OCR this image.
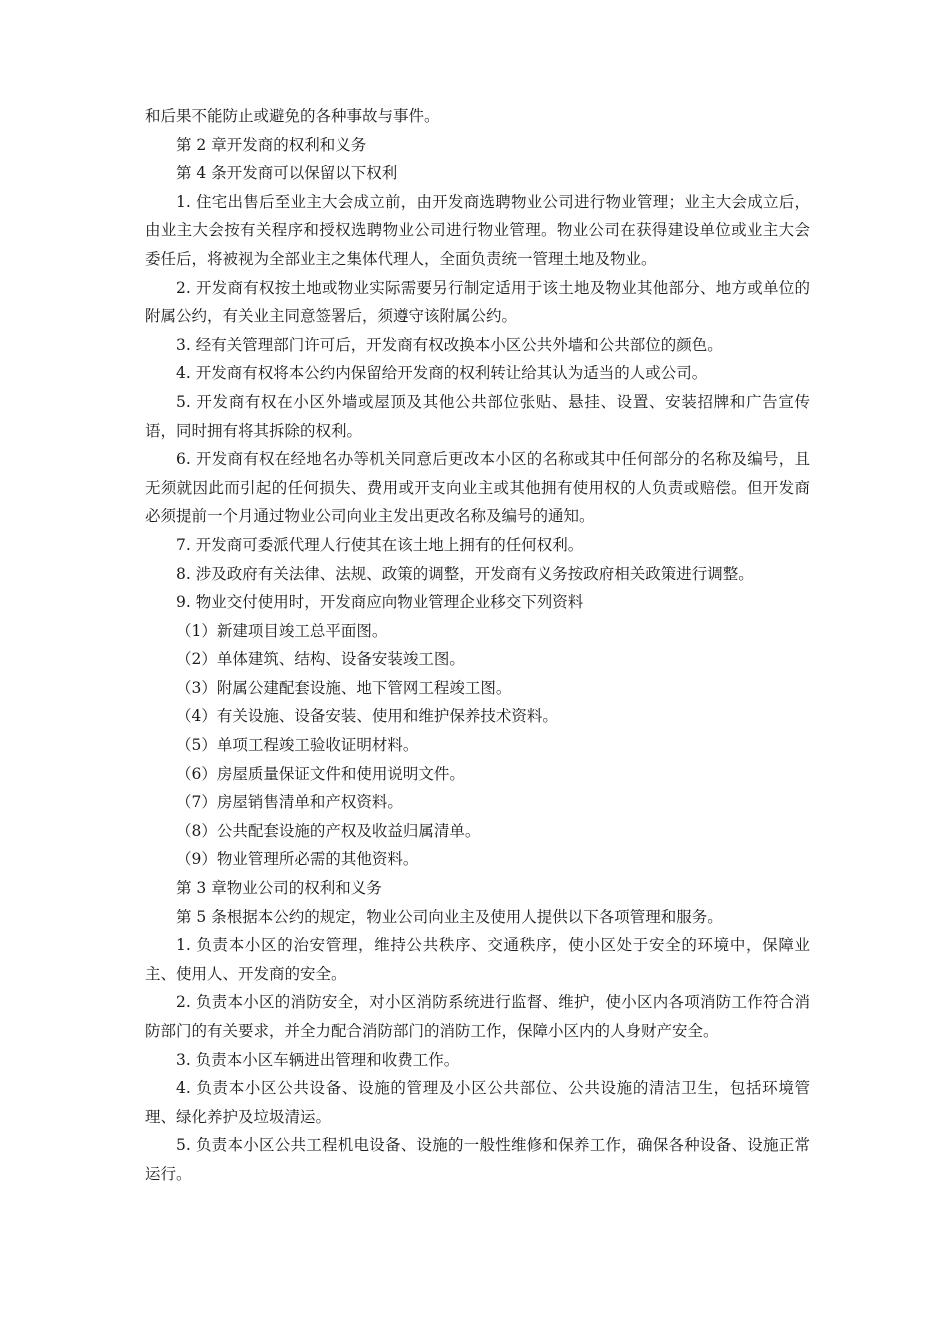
和后果不能防止或避免的各种事故与事件。

第 2 章开发商的权利和义务

第 4 条开发商可以保留以下权利

1. 住宅出售后至业主大会成立前，由开发商选聘物业公司进行物业管理；业主大会成立后，由业主大会按有关程序和授权选聘物业公司进行物业管理。物业公司在获得建设单位或业主大会委任后，将被视为全部业主之集体代理人，全面负责统一管理土地及物业。

2. 开发商有权按土地或物业实际需要另行制定适用于该土地及物业其他部分、地方或单位的附属公约，有关业主同意签署后，须遵守该附属公约。

3. 经有关管理部门许可后，开发商有权改换本小区公共外墙和公共部位的颜色。

4. 开发商有权将本公约内保留给开发商的权利转让给其认为适当的人或公司。

5. 开发商有权在小区外墙或屋顶及其他公共部位张贴、悬挂、设置、安装招牌和广告宣传语，同时拥有将其拆除的权利。

6. 开发商有权在经地名办等机关同意后更改本小区的名称或其中任何部分的名称及编号，且无须就因此而引起的任何损失、费用或开支向业主或其他拥有使用权的人负责或赔偿。但开发商必须提前一个月通过物业公司向业主发出更改名称及编号的通知。

7. 开发商可委派代理人行使其在该土地上拥有的任何权利。

8. 涉及政府有关法律、法规、政策的调整，开发商有义务按政府相关政策进行调整。

9. 物业交付使用时，开发商应向物业管理企业移交下列资料

（1）新建项目竣工总平面图。

（2）单体建筑、结构、设备安装竣工图。

（3）附属公建配套设施、地下管网工程竣工图。

（4）有关设施、设备安装、使用和维护保养技术资料。

（5）单项工程竣工验收证明材料。

（6）房屋质量保证文件和使用说明文件。

（7）房屋销售清单和产权资料。

（8）公共配套设施的产权及收益归属清单。

（9）物业管理所必需的其他资料。

第 3 章物业公司的权利和义务

第 5 条根据本公约的规定，物业公司向业主及使用人提供以下各项管理和服务。

1. 负责本小区的治安管理，维持公共秩序、交通秩序，使小区处于安全的环境中，保障业主、使用人、开发商的安全。

2. 负责本小区的消防安全，对小区消防系统进行监督、维护，使小区内各项消防工作符合消防部门的有关要求，并全力配合消防部门的消防工作，保障小区内的人身财产安全。

3. 负责本小区车辆进出管理和收费工作。

4. 负责本小区公共设备、设施的管理及小区公共部位、公共设施的清洁卫生，包括环境管理、绿化养护及垃圾清运。

5. 负责本小区公共工程机电设备、设施的一般性维修和保养工作，确保各种设备、设施正常运行。
